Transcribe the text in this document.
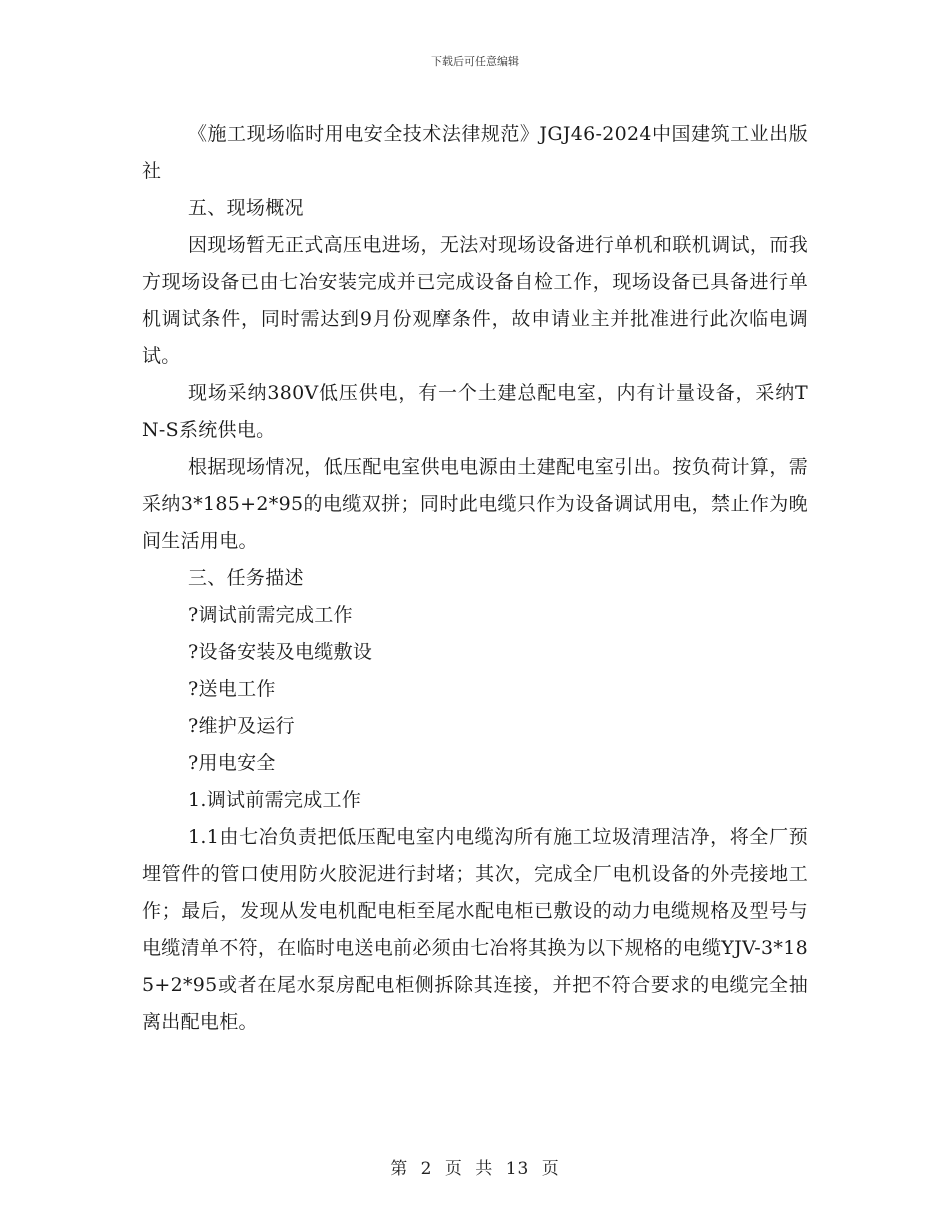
下载后可任意编辑

《施工现场临时用电安全技术法律规范》JGJ46-2024中国建筑工业出版社

五、现场概况

因现场暂无正式高压电进场，无法对现场设备进行单机和联机调试，而我方现场设备已由七冶安装完成并已完成设备自检工作，现场设备已具备进行单机调试条件，同时需达到9月份观摩条件，故申请业主并批准进行此次临电调试。

现场采纳380V低压供电，有一个土建总配电室，内有计量设备，采纳TN-S系统供电。

根据现场情况，低压配电室供电电源由土建配电室引出。按负荷计算，需采纳3*185+2*95的电缆双拼；同时此电缆只作为设备调试用电，禁止作为晚间生活用电。

三、任务描述

?调试前需完成工作

?设备安装及电缆敷设

?送电工作

?维护及运行

?用电安全

1.调试前需完成工作

1.1由七冶负责把低压配电室内电缆沟所有施工垃圾清理洁净，将全厂预埋管件的管口使用防火胶泥进行封堵；其次，完成全厂电机设备的外壳接地工作；最后，发现从发电机配电柜至尾水配电柜已敷设的动力电缆规格及型号与电缆清单不符，在临时电送电前必须由七冶将其换为以下规格的电缆YJV-3*185+2*95或者在尾水泵房配电柜侧拆除其连接，并把不符合要求的电缆完全抽离出配电柜。

第 2 页 共 13 页
